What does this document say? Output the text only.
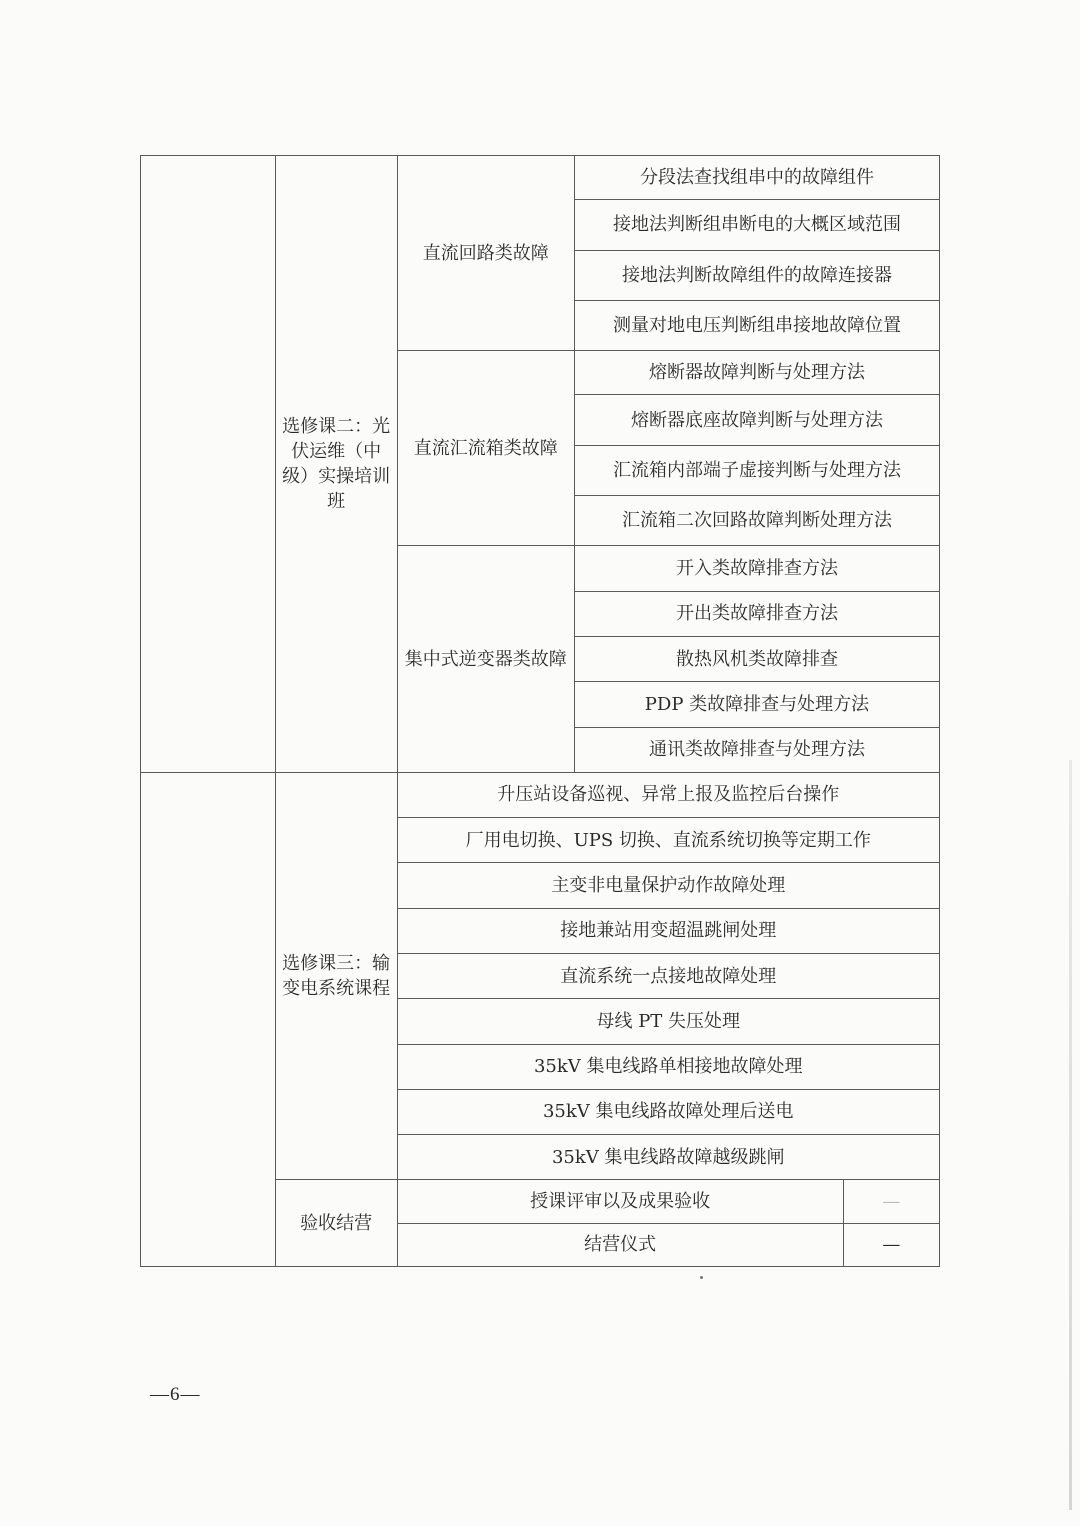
	选修课二：光伏运维（中级）实操培训班	直流回路类故障	分段法查找组串中的故障组件	
			接地法判断组串断电的大概区域范围	
			接地法判断故障组件的故障连接器	
			测量对地电压判断组串接地故障位置	
		直流汇流箱类故障	熔断器故障判断与处理方法	
			熔断器底座故障判断与处理方法	
			汇流箱内部端子虚接判断与处理方法	
			汇流箱二次回路故障判断处理方法	
		集中式逆变器类故障	开入类故障排查方法	
			开出类故障排查方法	
			散热风机类故障排查	
			PDP 类故障排查与处理方法	
			通讯类故障排查与处理方法	
	选修课三：输变电系统课程	升压站设备巡视、异常上报及监控后台操作		
		厂用电切换、UPS 切换、直流系统切换等定期工作		
		主变非电量保护动作故障处理		
		接地兼站用变超温跳闸处理		
		直流系统一点接地故障处理		
		母线 PT 失压处理		
		35kV 集电线路单相接地故障处理		
		35kV 集电线路故障处理后送电		
		35kV 集电线路故障越级跳闸		
	验收结营	授课评审以及成果验收		—
		结营仪式		—
—6—
